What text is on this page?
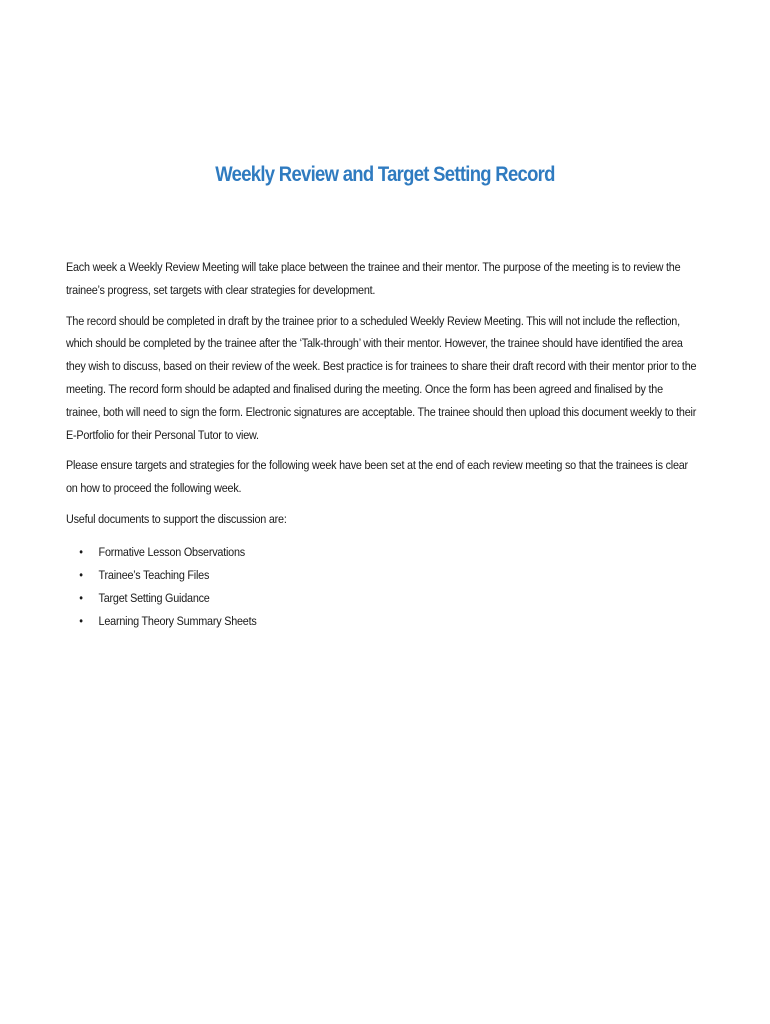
Weekly Review and Target Setting Record

Each week a Weekly Review Meeting will take place between the trainee and their mentor. The purpose of the meeting is to review the trainee’s progress, set targets with clear strategies for development.

The record should be completed in draft by the trainee prior to a scheduled Weekly Review Meeting. This will not include the reflection, which should be completed by the trainee after the ‘Talk-through’ with their mentor. However, the trainee should have identified the area they wish to discuss, based on their review of the week. Best practice is for trainees to share their draft record with their mentor prior to the meeting. The record form should be adapted and finalised during the meeting. Once the form has been agreed and finalised by the trainee, both will need to sign the form. Electronic signatures are acceptable. The trainee should then upload this document weekly to their E-Portfolio for their Personal Tutor to view.

Please ensure targets and strategies for the following week have been set at the end of each review meeting so that the trainees is clear on how to proceed the following week.

Useful documents to support the discussion are:

• Formative Lesson Observations
• Trainee’s Teaching Files
• Target Setting Guidance
• Learning Theory Summary Sheets
